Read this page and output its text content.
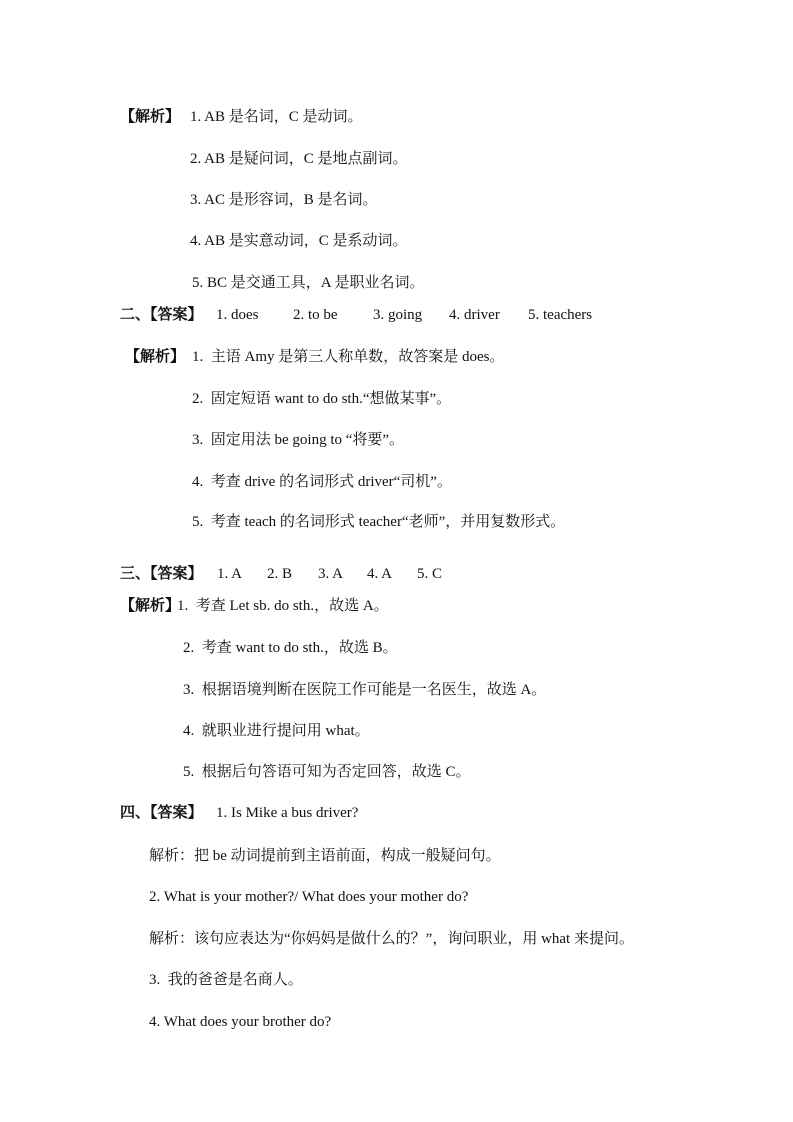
【解析】 1. AB 是名词，C 是动词。
2. AB 是疑问词，C 是地点副词。
3. AC 是形容词，B 是名词。
4. AB 是实意动词，C 是系动词。
5. BC 是交通工具，A 是职业名词。
二、【答案】 1. does 2. to be 3. going 4. driver 5. teachers
【解析】 1.  主语 Amy 是第三人称单数，故答案是 does。
2.  固定短语 want to do sth.“想做某事”。
3.  固定用法 be going to “将要”。
4.  考查 drive 的名词形式 driver“司机”。
5.  考查 teach 的名词形式 teacher“老师”，并用复数形式。
三、【答案】 1. A 2. B 3. A 4. A 5. C
【解析】
1.  考查 Let sb. do sth.，故选 A。
2.  考查 want to do sth.，故选 B。
3.  根据语境判断在医院工作可能是一名医生，故选 A。
4.  就职业进行提问用 what。
5.  根据后句答语可知为否定回答，故选 C。
四、【答案】 1. Is Mike a bus driver?
解析：把 be 动词提前到主语前面，构成一般疑问句。
2. What is your mother?/ What does your mother do?
解析：该句应表达为“你妈妈是做什么的？”，询问职业，用 what 来提问。
3.  我的爸爸是名商人。
4. What does your brother do?
